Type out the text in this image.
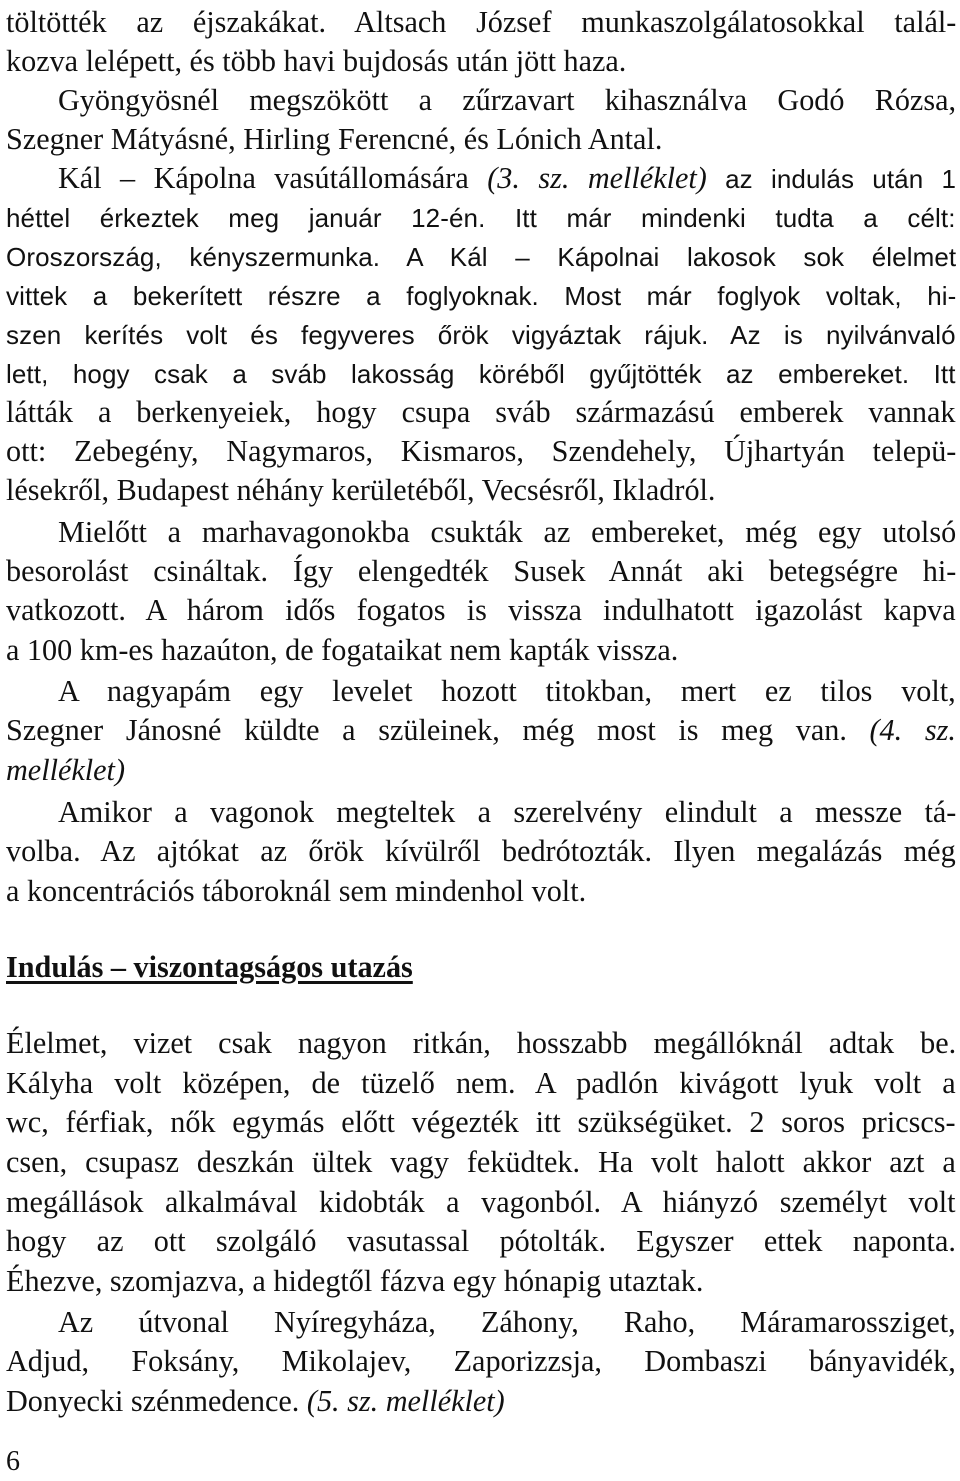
töltötték az éjszakákat. Altsach József munkaszolgálatosokkal talál-
kozva lelépett, és több havi bujdosás után jött haza.
Gyöngyösnél megszökött a zűrzavart kihasználva Godó Rózsa,
Szegner Mátyásné, Hirling Ferencné, és Lónich Antal.
Kál – Kápolna vasútállomására (3. sz. melléklet) az indulás után 1
héttel érkeztek meg január 12-én. Itt már mindenki tudta a célt:
Oroszország, kényszermunka. A Kál – Kápolnai lakosok sok élelmet
vittek a bekerített részre a foglyoknak. Most már foglyok voltak, hi-
szen kerítés volt és fegyveres őrök vigyáztak rájuk. Az is nyilvánvaló
lett, hogy csak a sváb lakosság köréből gyűjtötték az embereket. Itt
látták a berkenyeiek, hogy csupa sváb származású emberek vannak
ott: Zebegény, Nagymaros, Kismaros, Szendehely, Újhartyán telepü-
lésekről, Budapest néhány kerületéből, Vecsésről, Ikladról.
Mielőtt a marhavagonokba csukták az embereket, még egy utolsó
besorolást csináltak. Így elengedték Susek Annát aki betegségre hi-
vatkozott. A három idős fogatos is vissza indulhatott igazolást kapva
a 100 km-es hazaúton, de fogataikat nem kapták vissza.
A nagyapám egy levelet hozott titokban, mert ez tilos volt,
Szegner Jánosné küldte a szüleinek, még most is meg van. (4. sz.
melléklet)
Amikor a vagonok megteltek a szerelvény elindult a messze tá-
volba. Az ajtókat az őrök kívülről bedrótozták. Ilyen megalázás még
a koncentrációs táboroknál sem mindenhol volt.
Élelmet, vizet csak nagyon ritkán, hosszabb megállóknál adtak be.
Kályha volt középen, de tüzelő nem. A padlón kivágott lyuk volt a
wc, férfiak, nők egymás előtt végezték itt szükségüket. 2 soros pricscs-
csen, csupasz deszkán ültek vagy feküdtek. Ha volt halott akkor azt a
megállások alkalmával kidobták a vagonból. A hiányzó személyt volt
hogy az ott szolgáló vasutassal pótolták. Egyszer ettek naponta.
Éhezve, szomjazva, a hidegtől fázva egy hónapig utaztak.
Az útvonal Nyíregyháza, Záhony, Raho, Máramarossziget,
Adjud, Foksány, Mikolajev, Zaporizzsja, Dombaszi bányavidék,
Donyecki szénmedence. (5. sz. melléklet)
Indulás – viszontagságos utazás
6
